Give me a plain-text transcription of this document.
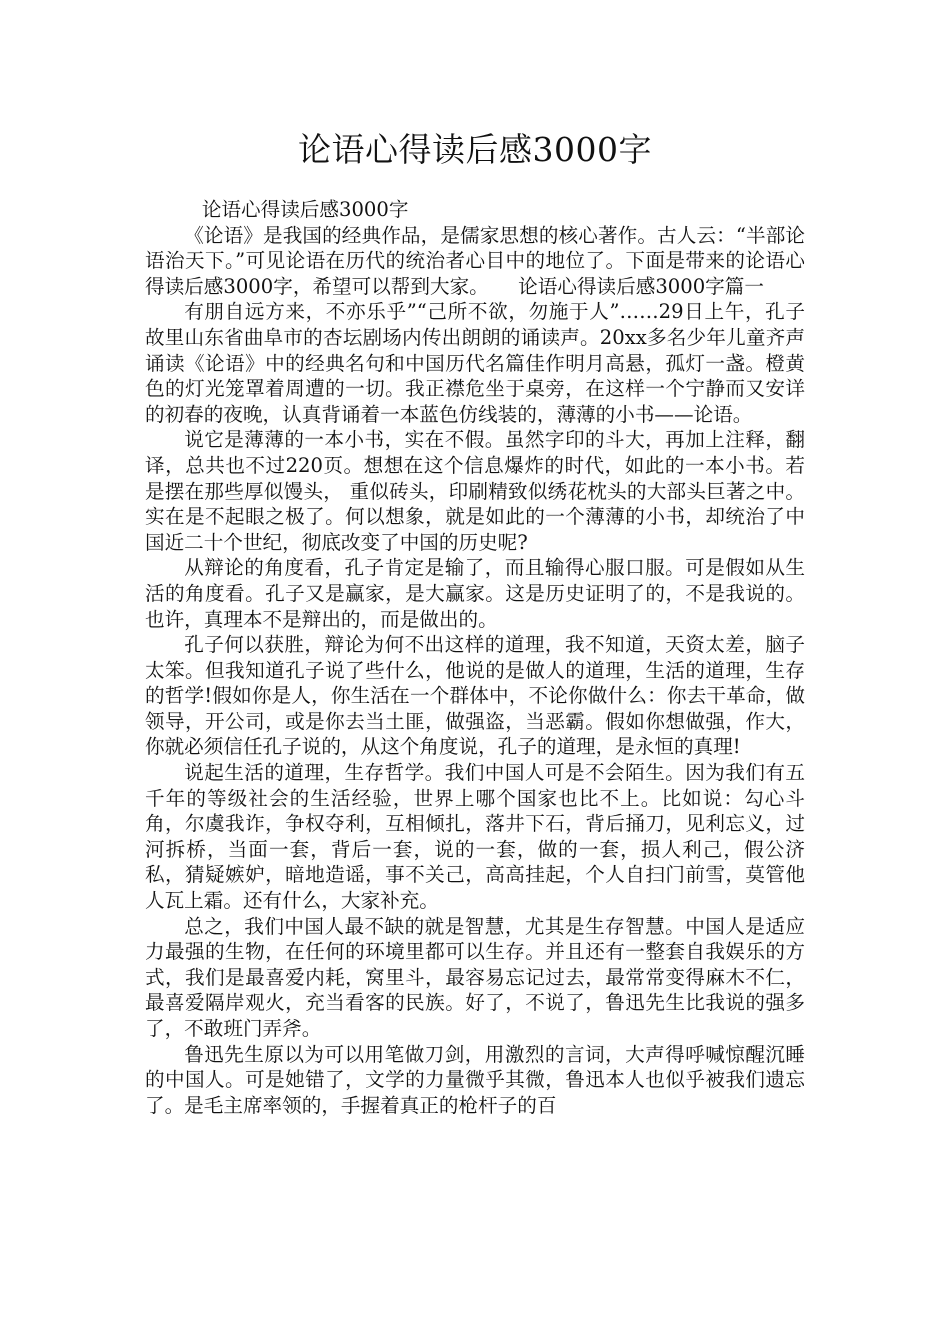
论语心得读后感3000字

论语心得读后感3000字

《论语》是我国的经典作品，是儒家思想的核心著作。古人云：“半部论语治天下。”可见论语在历代的统治者心目中的地位了。下面是带来的论语心得读后感3000字，希望可以帮到大家。　　论语心得读后感3000字篇一

有朋自远方来，不亦乐乎”“己所不欲，勿施于人”……29日上午，孔子故里山东省曲阜市的杏坛剧场内传出朗朗的诵读声。20xx多名少年儿童齐声诵读《论语》中的经典名句和中国历代名篇佳作明月高悬，孤灯一盏。橙黄色的灯光笼罩着周遭的一切。我正襟危坐于桌旁，在这样一个宁静而又安详的初春的夜晚，认真背诵着一本蓝色仿线装的，薄薄的小书——论语。

说它是薄薄的一本小书，实在不假。虽然字印的斗大，再加上注释，翻译，总共也不过220页。想想在这个信息爆炸的时代，如此的一本小书。若是摆在那些厚似馒头， 重似砖头，印刷精致似绣花枕头的大部头巨著之中。实在是不起眼之极了。何以想象，就是如此的一个薄薄的小书，却统治了中国近二十个世纪，彻底改变了中国的历史呢?

从辩论的角度看，孔子肯定是输了，而且输得心服口服。可是假如从生活的角度看。孔子又是赢家，是大赢家。这是历史证明了的，不是我说的。也许，真理本不是辩出的，而是做出的。

孔子何以获胜，辩论为何不出这样的道理，我不知道，天资太差，脑子太笨。但我知道孔子说了些什么，他说的是做人的道理，生活的道理，生存的哲学!假如你是人，你生活在一个群体中，不论你做什么：你去干革命，做领导，开公司，或是你去当土匪，做强盗，当恶霸。假如你想做强，作大，你就必须信任孔子说的，从这个角度说，孔子的道理，是永恒的真理!

说起生活的道理，生存哲学。我们中国人可是不会陌生。因为我们有五千年的等级社会的生活经验，世界上哪个国家也比不上。比如说：勾心斗角，尔虞我诈，争权夺利，互相倾扎，落井下石，背后捅刀，见利忘义，过河拆桥，当面一套，背后一套，说的一套，做的一套，损人利己，假公济私，猜疑嫉妒，暗地造谣，事不关己，高高挂起，个人自扫门前雪，莫管他人瓦上霜。还有什么，大家补充。

总之，我们中国人最不缺的就是智慧，尤其是生存智慧。中国人是适应力最强的生物，在任何的环境里都可以生存。并且还有一整套自我娱乐的方式，我们是最喜爱内耗，窝里斗，最容易忘记过去，最常常变得麻木不仁，最喜爱隔岸观火，充当看客的民族。好了，不说了，鲁迅先生比我说的强多了，不敢班门弄斧。

鲁迅先生原以为可以用笔做刀剑，用激烈的言词，大声得呼喊惊醒沉睡的中国人。可是她错了，文学的力量微乎其微，鲁迅本人也似乎被我们遗忘了。是毛主席率领的，手握着真正的枪杆子的百
